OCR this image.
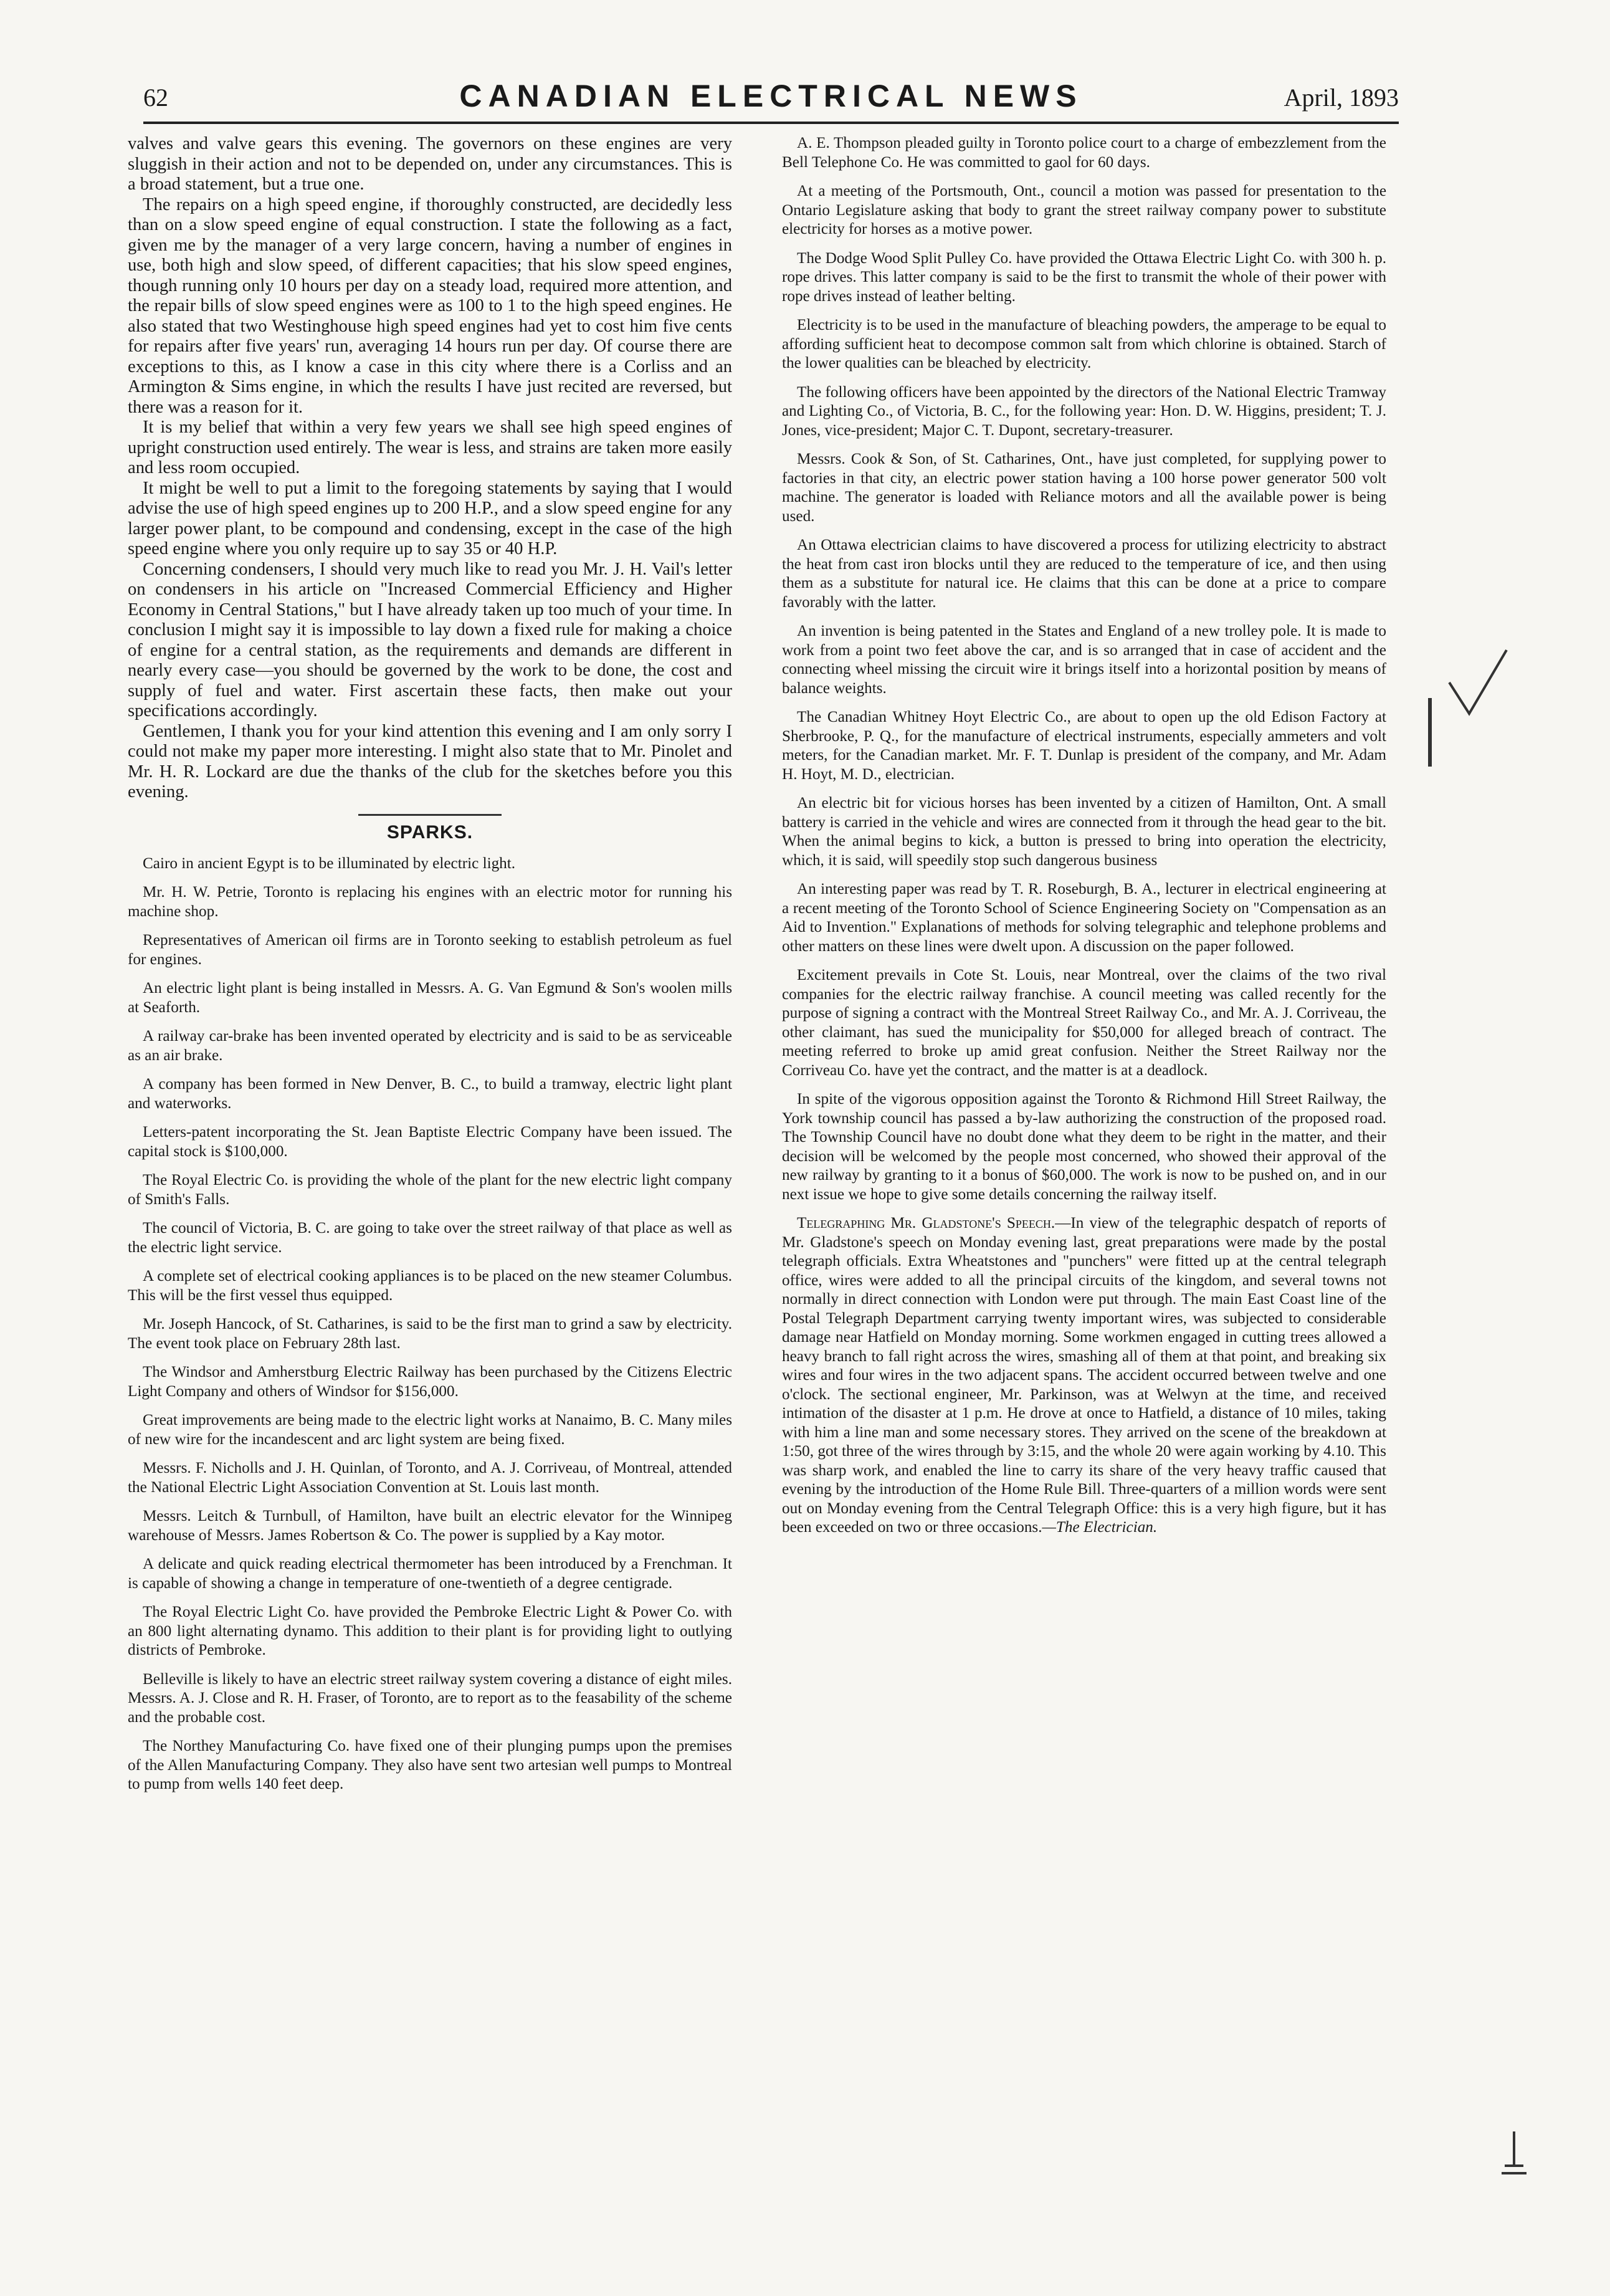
62	CANADIAN ELECTRICAL NEWS	April, 1893

valves and valve gears this evening. The governors on these engines are very sluggish in their action and not to be depended on, under any circumstances. This is a broad statement, but a true one.

The repairs on a high speed engine, if thoroughly constructed, are decidedly less than on a slow speed engine of equal construction. I state the following as a fact, given me by the manager of a very large concern, having a number of engines in use, both high and slow speed, of different capacities; that his slow speed engines, though running only 10 hours per day on a steady load, required more attention, and the repair bills of slow speed engines were as 100 to 1 to the high speed engines. He also stated that two Westinghouse high speed engines had yet to cost him five cents for repairs after five years' run, averaging 14 hours run per day. Of course there are exceptions to this, as I know a case in this city where there is a Corliss and an Armington & Sims engine, in which the results I have just recited are reversed, but there was a reason for it.

It is my belief that within a very few years we shall see high speed engines of upright construction used entirely. The wear is less, and strains are taken more easily and less room occupied.

It might be well to put a limit to the foregoing statements by saying that I would advise the use of high speed engines up to 200 H.P., and a slow speed engine for any larger power plant, to be compound and condensing, except in the case of the high speed engine where you only require up to say 35 or 40 H.P.

Concerning condensers, I should very much like to read you Mr. J. H. Vail's letter on condensers in his article on "Increased Commercial Efficiency and Higher Economy in Central Stations," but I have already taken up too much of your time. In conclusion I might say it is impossible to lay down a fixed rule for making a choice of engine for a central station, as the requirements and demands are different in nearly every case—you should be governed by the work to be done, the cost and supply of fuel and water. First ascertain these facts, then make out your specifications accordingly.

Gentlemen, I thank you for your kind attention this evening and I am only sorry I could not make my paper more interesting. I might also state that to Mr. Pinolet and Mr. H. R. Lockard are due the thanks of the club for the sketches before you this evening.

SPARKS.

Cairo in ancient Egypt is to be illuminated by electric light.

Mr. H. W. Petrie, Toronto is replacing his engines with an electric motor for running his machine shop.

Representatives of American oil firms are in Toronto seeking to establish petroleum as fuel for engines.

An electric light plant is being installed in Messrs. A. G. Van Egmund & Son's woolen mills at Seaforth.

A railway car-brake has been invented operated by electricity and is said to be as serviceable as an air brake.

A company has been formed in New Denver, B. C., to build a tramway, electric light plant and waterworks.

Letters-patent incorporating the St. Jean Baptiste Electric Company have been issued. The capital stock is $100,000.

The Royal Electric Co. is providing the whole of the plant for the new electric light company of Smith's Falls.

The council of Victoria, B. C. are going to take over the street railway of that place as well as the electric light service.

A complete set of electrical cooking appliances is to be placed on the new steamer Columbus. This will be the first vessel thus equipped.

Mr. Joseph Hancock, of St. Catharines, is said to be the first man to grind a saw by electricity. The event took place on February 28th last.

The Windsor and Amherstburg Electric Railway has been purchased by the Citizens Electric Light Company and others of Windsor for $156,000.

Great improvements are being made to the electric light works at Nanaimo, B. C. Many miles of new wire for the incandescent and arc light system are being fixed.

Messrs. F. Nicholls and J. H. Quinlan, of Toronto, and A. J. Corriveau, of Montreal, attended the National Electric Light Association Convention at St. Louis last month.

Messrs. Leitch & Turnbull, of Hamilton, have built an electric elevator for the Winnipeg warehouse of Messrs. James Robertson & Co. The power is supplied by a Kay motor.

A delicate and quick reading electrical thermometer has been introduced by a Frenchman. It is capable of showing a change in temperature of one-twentieth of a degree centigrade.

The Royal Electric Light Co. have provided the Pembroke Electric Light & Power Co. with an 800 light alternating dynamo. This addition to their plant is for providing light to outlying districts of Pembroke.

Belleville is likely to have an electric street railway system covering a distance of eight miles. Messrs. A. J. Close and R. H. Fraser, of Toronto, are to report as to the feasability of the scheme and the probable cost.

The Northey Manufacturing Co. have fixed one of their plunging pumps upon the premises of the Allen Manufacturing Company. They also have sent two artesian well pumps to Montreal to pump from wells 140 feet deep.

A. E. Thompson pleaded guilty in Toronto police court to a charge of embezzlement from the Bell Telephone Co. He was committed to gaol for 60 days.

At a meeting of the Portsmouth, Ont., council a motion was passed for presentation to the Ontario Legislature asking that body to grant the street railway company power to substitute electricity for horses as a motive power.

The Dodge Wood Split Pulley Co. have provided the Ottawa Electric Light Co. with 300 h. p. rope drives. This latter company is said to be the first to transmit the whole of their power with rope drives instead of leather belting.

Electricity is to be used in the manufacture of bleaching powders, the amperage to be equal to affording sufficient heat to decompose common salt from which chlorine is obtained. Starch of the lower qualities can be bleached by electricity.

The following officers have been appointed by the directors of the National Electric Tramway and Lighting Co., of Victoria, B. C., for the following year: Hon. D. W. Higgins, president; T. J. Jones, vice-president; Major C. T. Dupont, secretary-treasurer.

Messrs. Cook & Son, of St. Catharines, Ont., have just completed, for supplying power to factories in that city, an electric power station having a 100 horse power generator 500 volt machine. The generator is loaded with Reliance motors and all the available power is being used.

An Ottawa electrician claims to have discovered a process for utilizing electricity to abstract the heat from cast iron blocks until they are reduced to the temperature of ice, and then using them as a substitute for natural ice. He claims that this can be done at a price to compare favorably with the latter.

An invention is being patented in the States and England of a new trolley pole. It is made to work from a point two feet above the car, and is so arranged that in case of accident and the connecting wheel missing the circuit wire it brings itself into a horizontal position by means of balance weights.

The Canadian Whitney Hoyt Electric Co., are about to open up the old Edison Factory at Sherbrooke, P. Q., for the manufacture of electrical instruments, especially ammeters and volt meters, for the Canadian market. Mr. F. T. Dunlap is president of the company, and Mr. Adam H. Hoyt, M. D., electrician.

An electric bit for vicious horses has been invented by a citizen of Hamilton, Ont. A small battery is carried in the vehicle and wires are connected from it through the head gear to the bit. When the animal begins to kick, a button is pressed to bring into operation the electricity, which, it is said, will speedily stop such dangerous business

An interesting paper was read by T. R. Roseburgh, B. A., lecturer in electrical engineering at a recent meeting of the Toronto School of Science Engineering Society on "Compensation as an Aid to Invention." Explanations of methods for solving telegraphic and telephone problems and other matters on these lines were dwelt upon. A discussion on the paper followed.

Excitement prevails in Cote St. Louis, near Montreal, over the claims of the two rival companies for the electric railway franchise. A council meeting was called recently for the purpose of signing a contract with the Montreal Street Railway Co., and Mr. A. J. Corriveau, the other claimant, has sued the municipality for $50,000 for alleged breach of contract. The meeting referred to broke up amid great confusion. Neither the Street Railway nor the Corriveau Co. have yet the contract, and the matter is at a deadlock.

In spite of the vigorous opposition against the Toronto & Richmond Hill Street Railway, the York township council has passed a by-law authorizing the construction of the proposed road. The Township Council have no doubt done what they deem to be right in the matter, and their decision will be welcomed by the people most concerned, who showed their approval of the new railway by granting to it a bonus of $60,000. The work is now to be pushed on, and in our next issue we hope to give some details concerning the railway itself.

Telegraphing Mr. Gladstone's Speech.—In view of the telegraphic despatch of reports of Mr. Gladstone's speech on Monday evening last, great preparations were made by the postal telegraph officials. Extra Wheatstones and "punchers" were fitted up at the central telegraph office, wires were added to all the principal circuits of the kingdom, and several towns not normally in direct connection with London were put through. The main East Coast line of the Postal Telegraph Department carrying twenty important wires, was subjected to considerable damage near Hatfield on Monday morning. Some workmen engaged in cutting trees allowed a heavy branch to fall right across the wires, smashing all of them at that point, and breaking six wires and four wires in the two adjacent spans. The accident occurred between twelve and one o'clock. The sectional engineer, Mr. Parkinson, was at Welwyn at the time, and received intimation of the disaster at 1 p.m. He drove at once to Hatfield, a distance of 10 miles, taking with him a line man and some necessary stores. They arrived on the scene of the breakdown at 1:50, got three of the wires through by 3:15, and the whole 20 were again working by 4.10. This was sharp work, and enabled the line to carry its share of the very heavy traffic caused that evening by the introduction of the Home Rule Bill. Three-quarters of a million words were sent out on Monday evening from the Central Telegraph Office: this is a very high figure, but it has been exceeded on two or three occasions.—The Electrician.
